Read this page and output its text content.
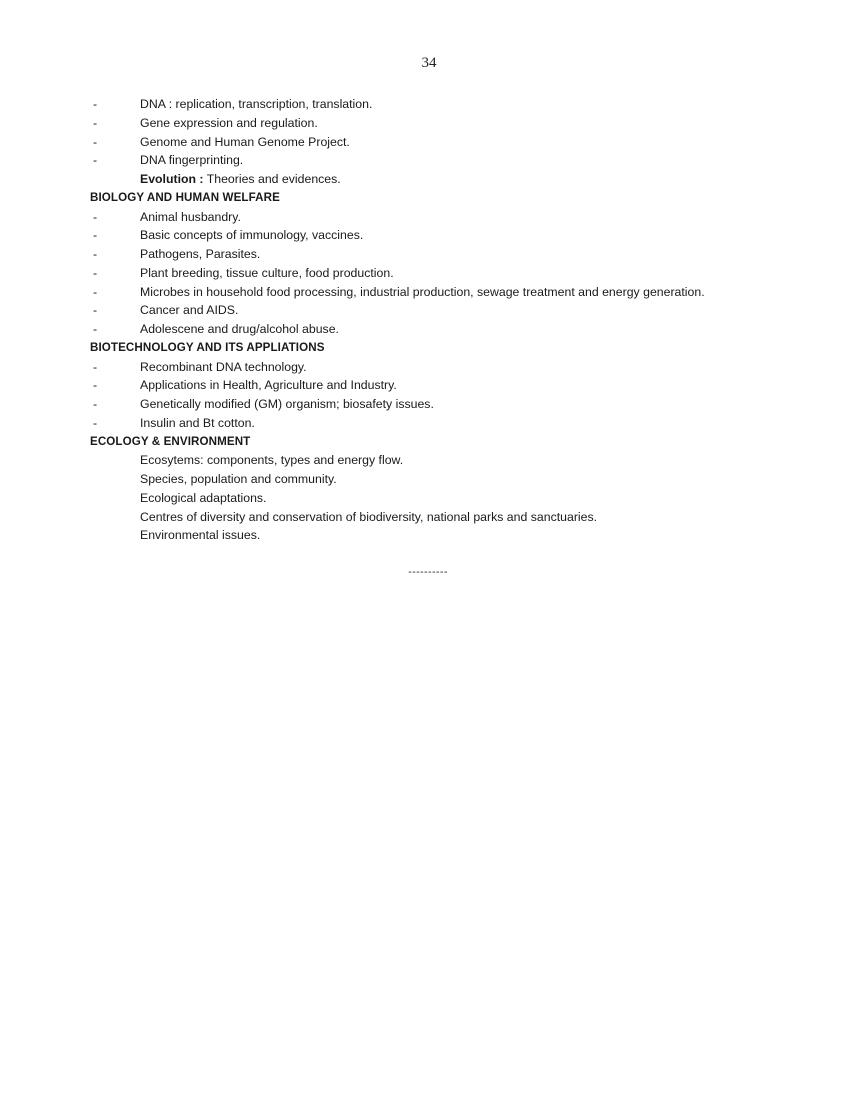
34
-	DNA : replication, transcription, translation.
-	Gene expression and regulation.
-	Genome and Human Genome Project.
-	DNA fingerprinting.
Evolution : Theories and evidences.
BIOLOGY AND HUMAN WELFARE
-	Animal husbandry.
-	Basic concepts of immunology, vaccines.
-	Pathogens, Parasites.
-	Plant breeding, tissue culture, food production.
-	Microbes in household food processing, industrial production, sewage treatment and energy generation.
-	Cancer and AIDS.
-	Adolescene and drug/alcohol abuse.
BIOTECHNOLOGY AND ITS APPLIATIONS
-	Recombinant DNA technology.
-	Applications in Health, Agriculture and Industry.
-	Genetically modified (GM) organism; biosafety issues.
-	Insulin and Bt cotton.
ECOLOGY & ENVIRONMENT
Ecosytems: components, types and energy flow.
Species, population and community.
Ecological adaptations.
Centres of diversity and conservation of biodiversity, national parks and sanctuaries.
Environmental issues.
----------
